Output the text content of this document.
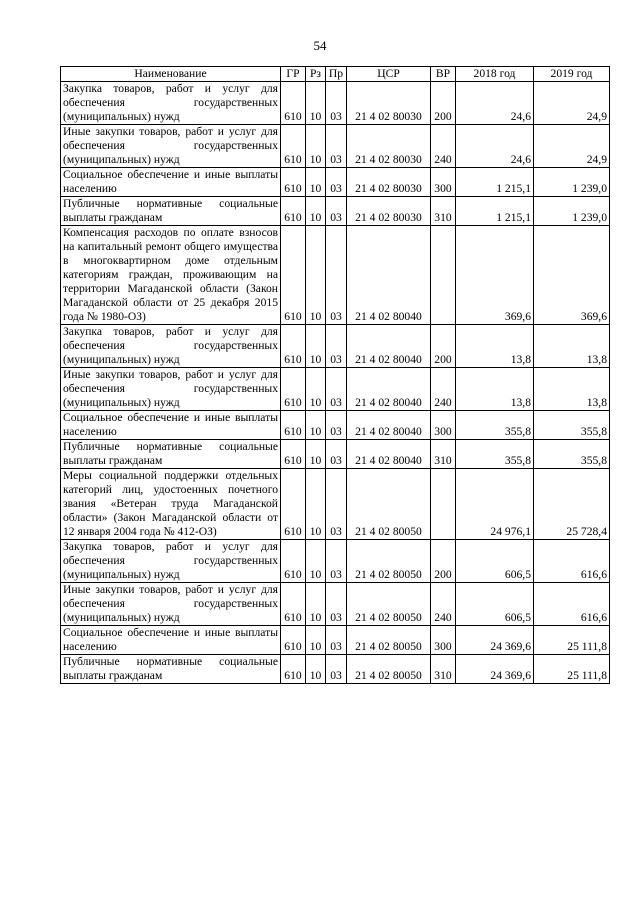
54
Наименование	ГР	Рз	Пр	ЦСР	ВР	2018 год	2019 год
Закупка товаров, работ и услуг для обеспечения государственных (муниципальных) нужд	610	10	03	21 4 02 80030	200	24,6	24,9
Иные закупки товаров, работ и услуг для обеспечения государственных (муниципальных) нужд	610	10	03	21 4 02 80030	240	24,6	24,9
Социальное обеспечение и иные выплаты населению	610	10	03	21 4 02 80030	300	1 215,1	1 239,0
Публичные нормативные социальные выплаты гражданам	610	10	03	21 4 02 80030	310	1 215,1	1 239,0
Компенсация расходов по оплате взносов на капитальный ремонт общего имущества в многоквартирном доме отдельным категориям граждан, проживающим на территории Магаданской области (Закон Магаданской области от 25 декабря 2015 года № 1980-ОЗ)	610	10	03	21 4 02 80040		369,6	369,6
Закупка товаров, работ и услуг для обеспечения государственных (муниципальных) нужд	610	10	03	21 4 02 80040	200	13,8	13,8
Иные закупки товаров, работ и услуг для обеспечения государственных (муниципальных) нужд	610	10	03	21 4 02 80040	240	13,8	13,8
Социальное обеспечение и иные выплаты населению	610	10	03	21 4 02 80040	300	355,8	355,8
Публичные нормативные социальные выплаты гражданам	610	10	03	21 4 02 80040	310	355,8	355,8
Меры социальной поддержки отдельных категорий лиц, удостоенных почетного звания «Ветеран труда Магаданской области» (Закон Магаданской области от 12 января 2004 года № 412-ОЗ)	610	10	03	21 4 02 80050		24 976,1	25 728,4
Закупка товаров, работ и услуг для обеспечения государственных (муниципальных) нужд	610	10	03	21 4 02 80050	200	606,5	616,6
Иные закупки товаров, работ и услуг для обеспечения государственных (муниципальных) нужд	610	10	03	21 4 02 80050	240	606,5	616,6
Социальное обеспечение и иные выплаты населению	610	10	03	21 4 02 80050	300	24 369,6	25 111,8
Публичные нормативные социальные выплаты гражданам	610	10	03	21 4 02 80050	310	24 369,6	25 111,8
